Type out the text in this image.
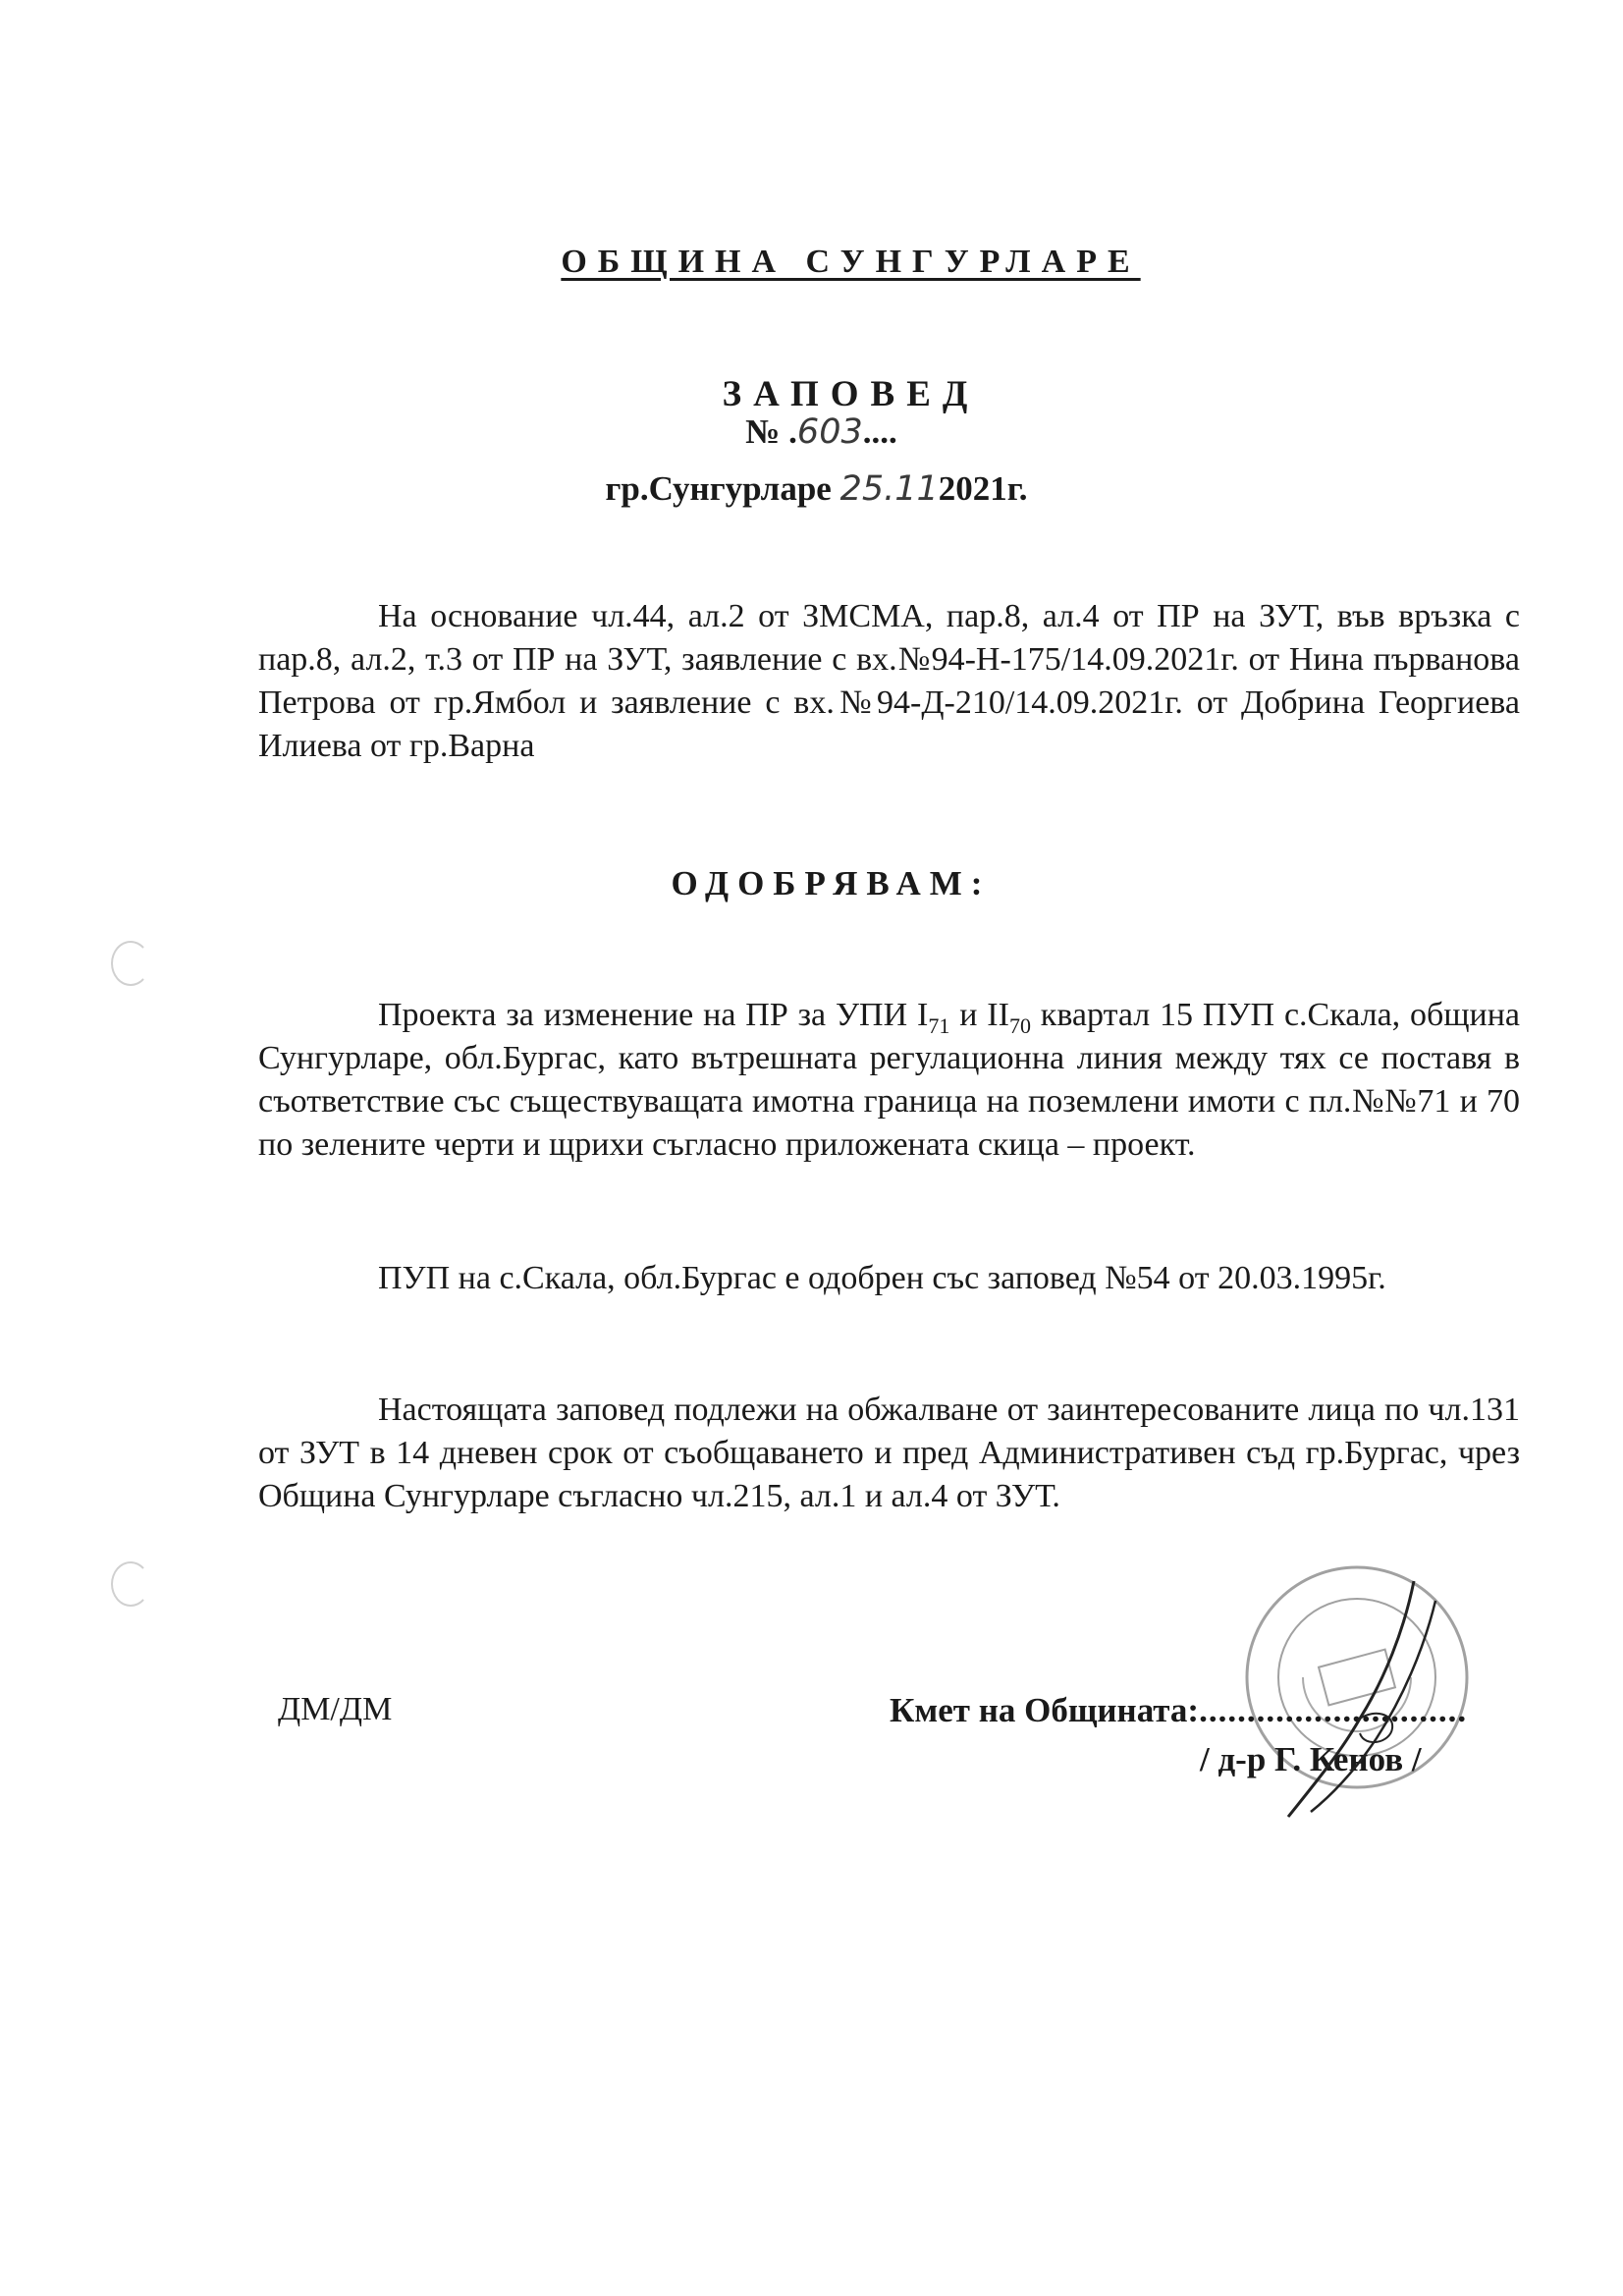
ОБЩИНА СУНГУРЛАРЕ
ЗАПОВЕД
№ .603....
гр.Сунгурларе 25.112021г.

На основание чл.44, ал.2 от ЗМСМА, пар.8, ал.4 от ПР на ЗУТ, във връзка с пар.8, ал.2, т.3 от ПР на ЗУТ, заявление с вх.№94-Н-175/14.09.2021г. от Нина първанова Петрова от гр.Ямбол и заявление с вх.№94-Д-210/14.09.2021г. от Добрина Георгиева Илиева от гр.Варна

ОДОБРЯВАМ:

Проекта за изменение на ПР за УПИ $I_{71}$ и $II_{70}$ квартал 15 ПУП с.Скала, община Сунгурларе, обл.Бургас, като вътрешната регулационна линия между тях се поставя в съответствие със съществуващата имотна граница на поземлени имоти с пл.№№71 и 70 по зелените черти и щрихи съгласно приложената скица – проект.

ПУП на с.Скала, обл.Бургас е одобрен със заповед №54 от 20.03.1995г.

Настоящата заповед подлежи на обжалване от заинтересованите лица по чл.131 от ЗУТ в 14 дневен срок от съобщаването и пред Административен съд гр.Бургас, чрез Община Сунгурларе съгласно чл.215, ал.1 и ал.4 от ЗУТ.

ДМ/ДМ	Кмет на Общината:............................
/ д-р Г. Кенов /
